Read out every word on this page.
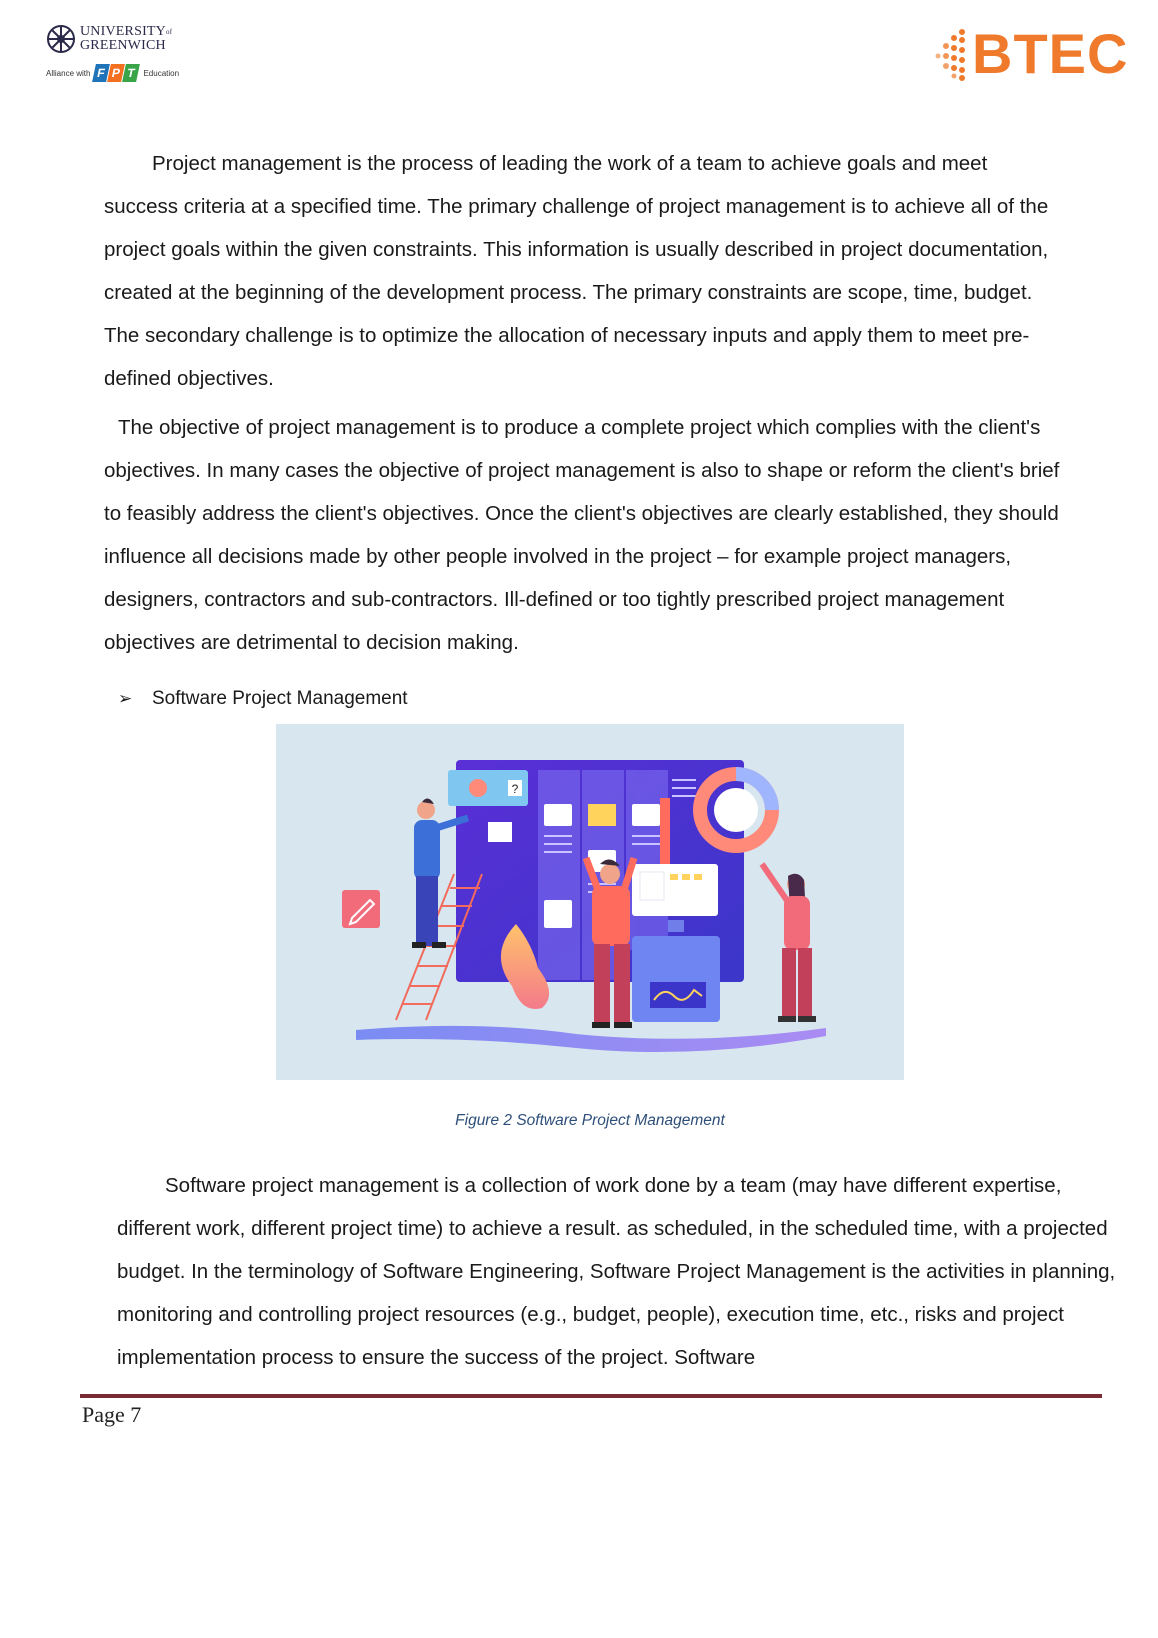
$UNIVERSITY^{of}$
GREENWICH
Alliance with F P T Education	BTEC

Project management is the process of leading the work of a team to achieve goals and meet success criteria at a specified time. The primary challenge of project management is to achieve all of the project goals within the given constraints. This information is usually described in project documentation, created at the beginning of the development process. The primary constraints are scope, time, budget. The secondary challenge is to optimize the allocation of necessary inputs and apply them to meet pre-defined objectives.

The objective of project management is to produce a complete project which complies with the client's objectives. In many cases the objective of project management is also to shape or reform the client's brief to feasibly address the client's objectives. Once the client's objectives are clearly established, they should influence all decisions made by other people involved in the project – for example project managers, designers, contractors and sub-contractors. Ill-defined or too tightly prescribed project management objectives are detrimental to decision making.

➢	Software Project Management
?
Figure 2 Software Project Management

Software project management is a collection of work done by a team (may have different expertise, different work, different project time) to achieve a result. as scheduled, in the scheduled time, with a projected budget. In the terminology of Software Engineering, Software Project Management is the activities in planning, monitoring and controlling project resources (e.g., budget, people), execution time, etc., risks and project implementation process to ensure the success of the project. Software

Page 7
